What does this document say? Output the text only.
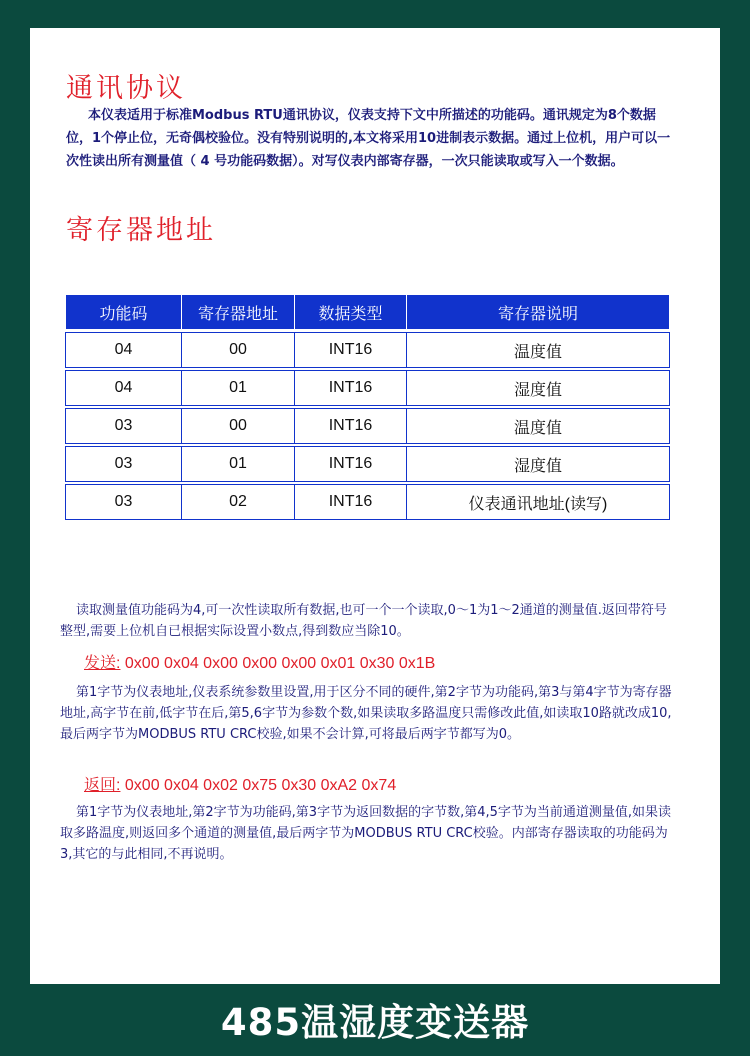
通讯协议

本仪表适用于标准Modbus RTU通讯协议，仪表支持下文中所描述的功能码。通讯规定为8个数据位，1个停止位，无奇偶校验位。没有特别说明的,本文将采用10进制表示数据。通过上位机，用户可以一次性读出所有测量值（ 4 号功能码数据）。对写仪表内部寄存器，一次只能读取或写入一个数据。

寄存器地址
功能码	寄存器地址	数据类型	寄存器说明

04	00	INT16	温度值

04	01	INT16	湿度值

03	00	INT16	温度值

03	01	INT16	湿度值

03	02	INT16	仪表通讯地址(读写)

读取测量值功能码为4,可一次性读取所有数据,也可一个一个读取,0～1为1～2通道的测量值.返回带符号整型,需要上位机自已根据实际设置小数点,得到数应当除10。

发送: 0x00 0x04 0x00 0x00 0x00 0x01 0x30 0x1B

第1字节为仪表地址,仪表系统参数里设置,用于区分不同的硬件,第2字节为功能码,第3与第4字节为寄存器地址,高字节在前,低字节在后,第5,6字节为参数个数,如果读取多路温度只需修改此值,如读取10路就改成10,最后两字节为MODBUS RTU CRC校验,如果不会计算,可将最后两字节都写为0。

返回: 0x00 0x04 0x02 0x75 0x30 0xA2 0x74

第1字节为仪表地址,第2字节为功能码,第3字节为返回数据的字节数,第4,5字节为当前通道测量值,如果读取多路温度,则返回多个通道的测量值,最后两字节为MODBUS RTU CRC校验。内部寄存器读取的功能码为3,其它的与此相同,不再说明。

485温湿度变送器
